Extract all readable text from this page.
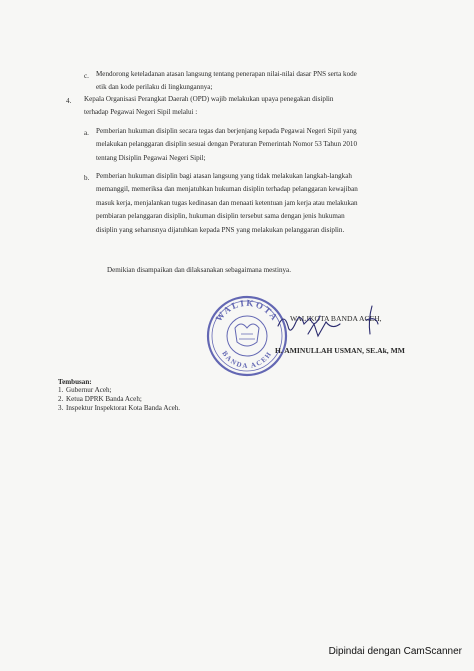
c. Mendorong keteladanan atasan langsung tentang penerapan nilai-nilai dasar PNS serta kode

etik dan kode perilaku di lingkungannya;

4. Kepala Organisasi Perangkat Daerah (OPD) wajib melakukan upaya penegakan disiplin

terhadap Pegawai Negeri Sipil melalui :

a. Pemberian hukuman disiplin secara tegas dan berjenjang kepada Pegawai Negeri Sipil yang

melakukan pelanggaran disiplin sesuai dengan Peraturan Pemerintah Nomor 53 Tahun 2010

tentang Disiplin Pegawai Negeri Sipil;

b. Pemberian hukuman disiplin bagi atasan langsung yang tidak melakukan langkah-langkah

memanggil, memeriksa dan menjatuhkan hukuman disiplin terhadap pelanggaran kewajiban

masuk kerja, menjalankan tugas kedinasan dan menaati ketentuan jam kerja atau melakukan

pembiaran pelanggaran disiplin, hukuman disiplin tersebut sama dengan jenis hukuman

disiplin yang seharusnya dijatuhkan kepada PNS yang melakukan pelanggaran disiplin.

Demikian disampaikan dan dilaksanakan sebagaimana mestinya.
WALIKOTA
BANDA ACEH
WALIKOTA BANDA ACEH,
H. AMINULLAH USMAN, SE.Ak, MM
Tembusan:
1. Gubernur Aceh;
2. Ketua DPRK Banda Aceh;
3. Inspektur Inspektorat Kota Banda Aceh.
Dipindai dengan CamScanner
